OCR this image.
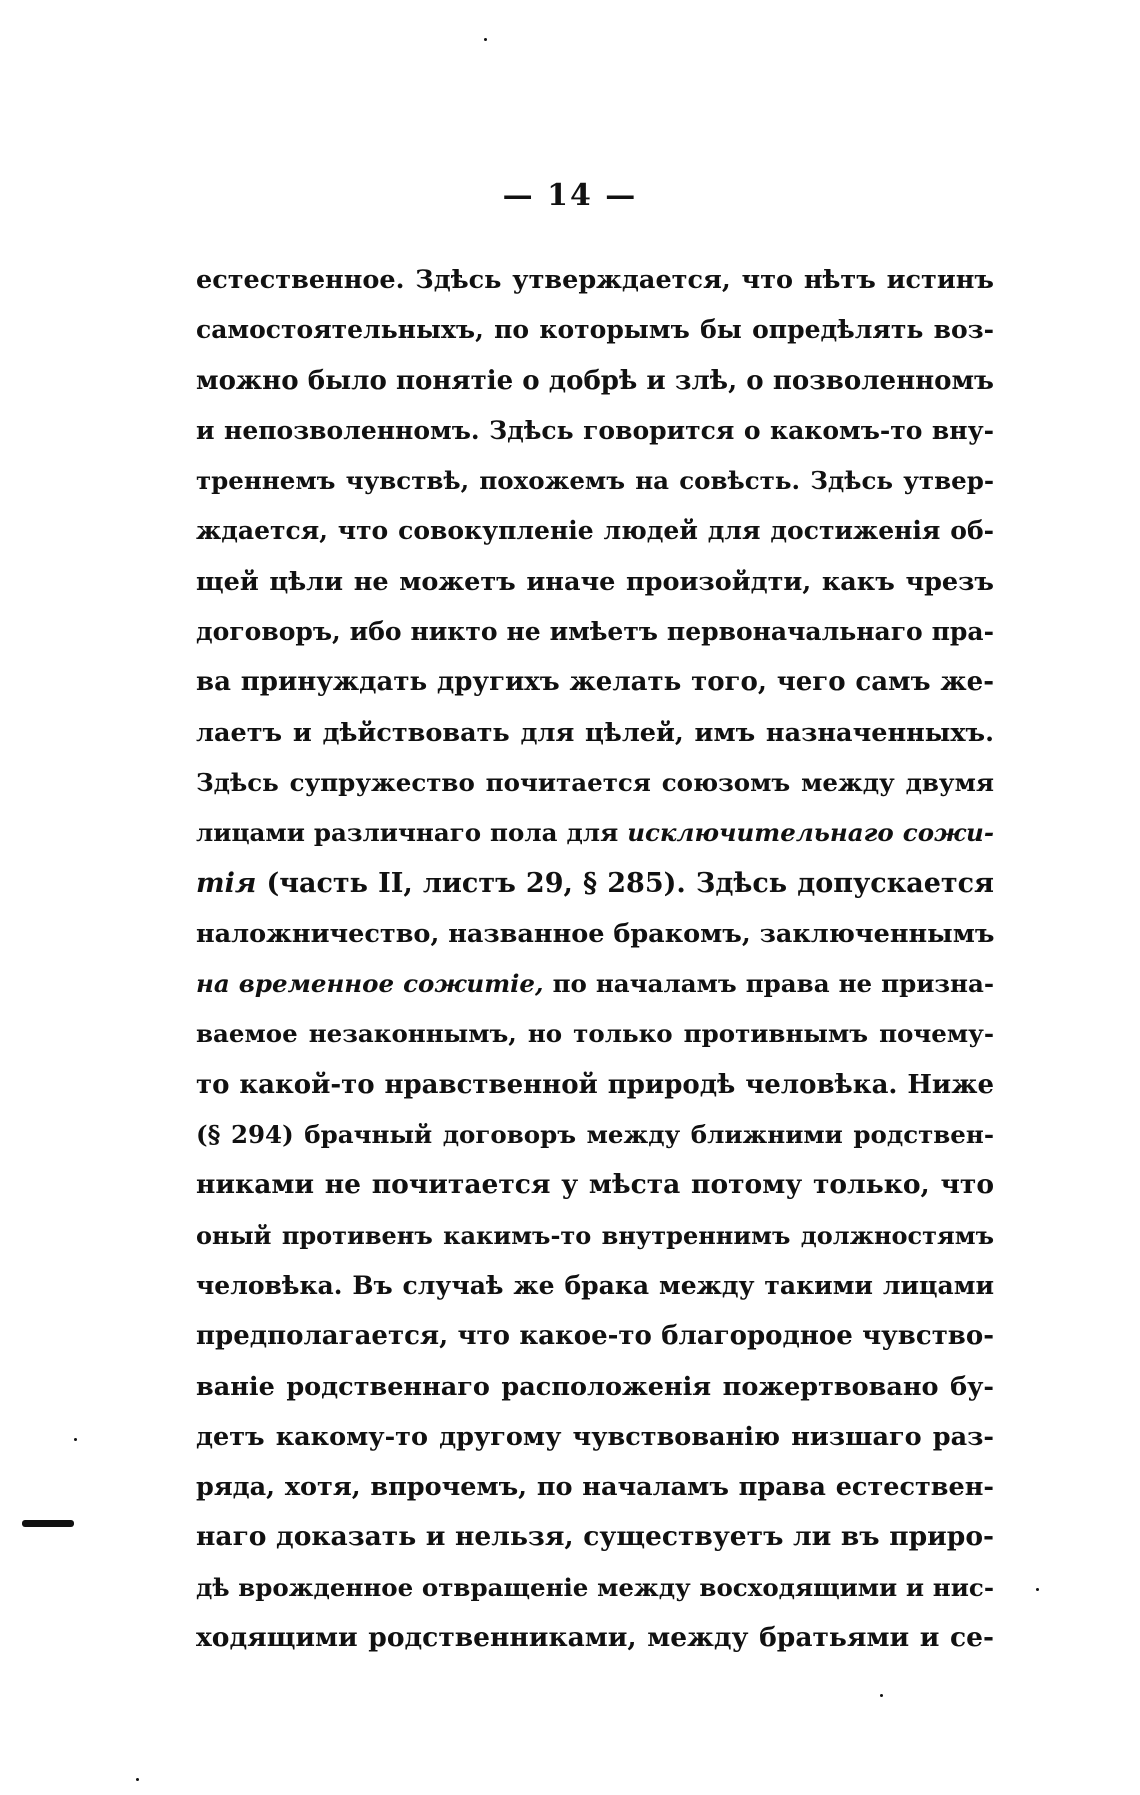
— 14 —
естественное. Здѣсь утверждается, что нѣтъ истинъ
самостоятельныхъ, по которымъ бы опредѣлять воз-
можно было понятіе о добрѣ и злѣ, о позволенномъ
и непозволенномъ. Здѣсь говорится о какомъ-то вну-
треннемъ чувствѣ, похожемъ на совѣсть. Здѣсь утвер-
ждается, что совокупленіе людей для достиженія об-
щей цѣли не можетъ иначе произойдти, какъ чрезъ
договоръ, ибо никто не имѣетъ первоначальнаго пра-
ва принуждать другихъ желать того, чего самъ же-
лаетъ и дѣйствовать для цѣлей, имъ назначенныхъ.
Здѣсь супружество почитается союзомъ между двумя
лицами различнаго пола для исключительнаго сожи-
тія (часть II, листъ 29, § 285). Здѣсь допускается
наложничество, названное бракомъ, заключеннымъ
на временное сожитіе, по началамъ права не призна-
ваемое незаконнымъ, но только противнымъ почему-
то какой-то нравственной природѣ человѣка. Ниже
(§ 294) брачный договоръ между ближними родствен-
никами не почитается у мѣста потому только, что
оный противенъ какимъ-то внутреннимъ должностямъ
человѣка. Въ случаѣ же брака между такими лицами
предполагается, что какое-то благородное чувство-
ваніе родственнаго расположенія пожертвовано бу-
детъ какому-то другому чувствованію низшаго раз-
ряда, хотя, впрочемъ, по началамъ права естествен-
наго доказать и нельзя, существуетъ ли въ приро-
дѣ врожденное отвращеніе между восходящими и нис-
ходящими родственниками, между братьями и се-
